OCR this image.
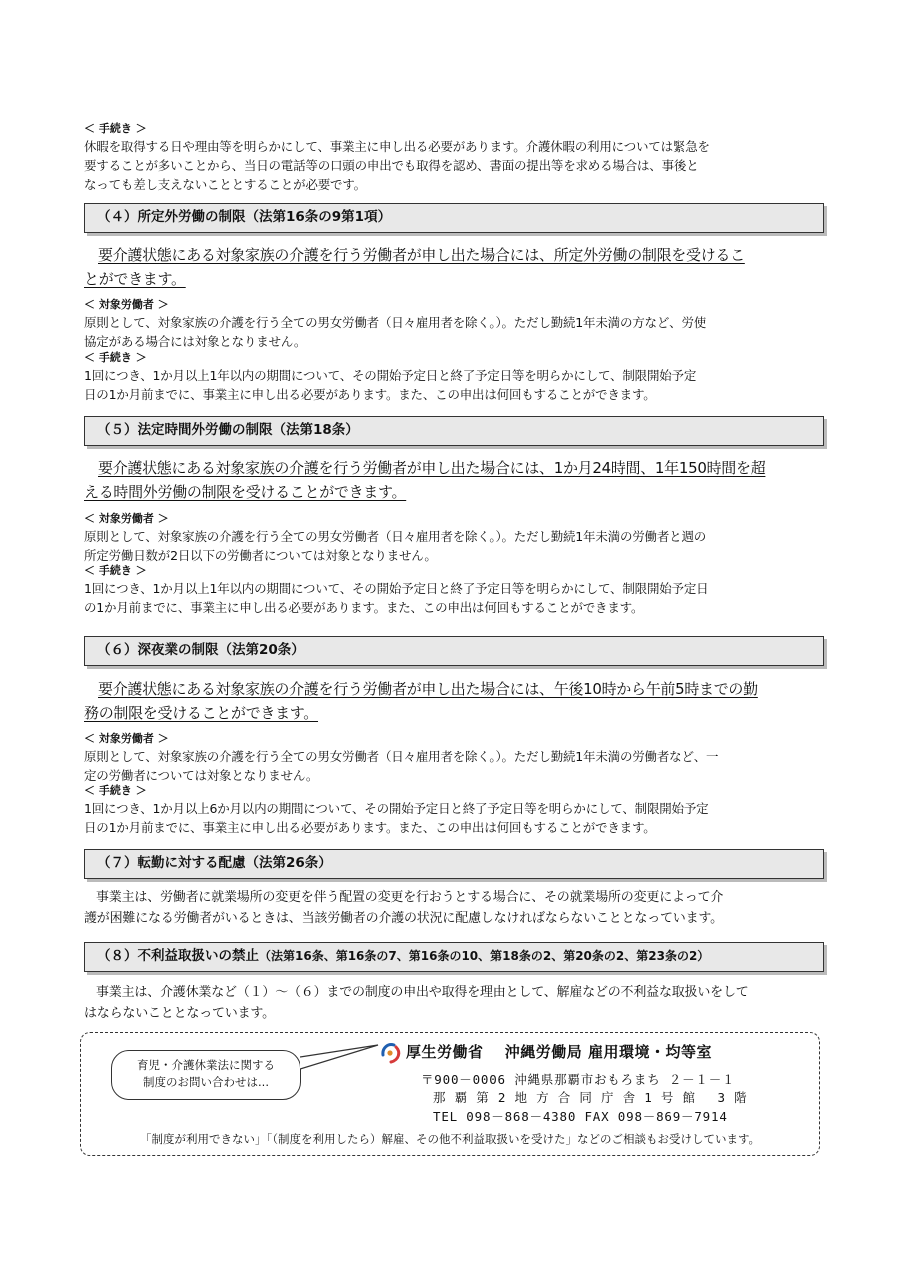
＜ 手続き ＞

休暇を取得する日や理由等を明らかにして、事業主に申し出る必要があります。介護休暇の利用については緊急を

要することが多いことから、当日の電話等の口頭の申出でも取得を認め、書面の提出等を求める場合は、事後と

なっても差し支えないこととすることが必要です。

（４）所定外労働の制限（法第16条の9第1項）

要介護状態にある対象家族の介護を行う労働者が申し出た場合には、所定外労働の制限を受けるこ

とができます。

＜ 対象労働者 ＞

原則として、対象家族の介護を行う全ての男女労働者（日々雇用者を除く。）。ただし勤続1年未満の方など、労使

協定がある場合には対象となりません。

＜ 手続き ＞

1回につき、1か月以上1年以内の期間について、その開始予定日と終了予定日等を明らかにして、制限開始予定

日の1か月前までに、事業主に申し出る必要があります。また、この申出は何回もすることができます。

（５）法定時間外労働の制限（法第18条）

要介護状態にある対象家族の介護を行う労働者が申し出た場合には、1か月24時間、1年150時間を超

える時間外労働の制限を受けることができます。

＜ 対象労働者 ＞

原則として、対象家族の介護を行う全ての男女労働者（日々雇用者を除く。）。ただし勤続1年未満の労働者と週の

所定労働日数が2日以下の労働者については対象となりません。

＜ 手続き ＞

1回につき、1か月以上1年以内の期間について、その開始予定日と終了予定日等を明らかにして、制限開始予定日

の1か月前までに、事業主に申し出る必要があります。また、この申出は何回もすることができます。

（６）深夜業の制限（法第20条）

要介護状態にある対象家族の介護を行う労働者が申し出た場合には、午後10時から午前5時までの勤

務の制限を受けることができます。

＜ 対象労働者 ＞

原則として、対象家族の介護を行う全ての男女労働者（日々雇用者を除く。）。ただし勤続1年未満の労働者など、一

定の労働者については対象となりません。

＜ 手続き ＞

1回につき、1か月以上6か月以内の期間について、その開始予定日と終了予定日等を明らかにして、制限開始予定

日の1か月前までに、事業主に申し出る必要があります。また、この申出は何回もすることができます。

（７）転勤に対する配慮（法第26条）

事業主は、労働者に就業場所の変更を伴う配置の変更を行おうとする場合に、その就業場所の変更によって介

護が困難になる労働者がいるときは、当該労働者の介護の状況に配慮しなければならないこととなっています。

（８）不利益取扱いの禁止（法第16条、第16条の7、第16条の10、第18条の2、第20条の2、第23条の2）

事業主は、介護休業など（１）～（６）までの制度の申出や取得を理由として、解雇などの不利益な取扱いをして

はならないこととなっています。

育児・介護休業法に関する
制度のお問い合わせは...
厚生労働省　 沖縄労働局 雇用環境・均等室
〒900－0006 沖縄県那覇市おもろまち ２－１－１
那 覇 第 2 地 方 合 同 庁 舎 1 号 館　 3 階
TEL 098－868－4380 FAX 098－869－7914
「制度が利用できない」「（制度を利用したら）解雇、その他不利益取扱いを受けた」などのご相談もお受けしています。
